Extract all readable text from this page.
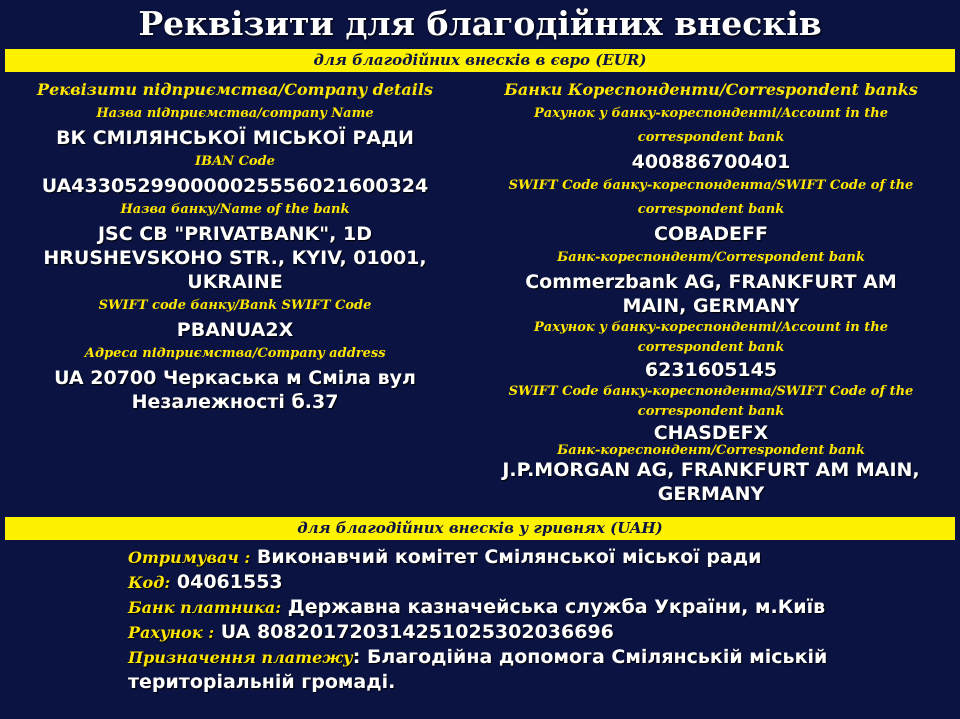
Реквізити для благодійних внесків
для благодійних внесків в євро (EUR)
Реквізити підприємства/Company details
Назва підприємства/company Name
ВК СМІЛЯНСЬКОЇ МІСЬКОЇ РАДИ
IBAN Code
UA433052990000025556021600324
Назва банку/Name of the bank
JSC CB "PRIVATBANK", 1D HRUSHEVSKOHO STR., KYIV, 01001, UKRAINE
SWIFT code банку/Bank SWIFT Code
PBANUA2X
Адреса підприємства/Company address
UA 20700 Черкаська м Сміла вул Незалежності б.37
Банки Кореспонденти/Correspondent banks
Рахунок у банку-кореспонденті/Account in the correspondent bank
400886700401
SWIFT Code банку-кореспондента/SWIFT Code of the correspondent bank
COBADEFF
Банк-кореспондент/Correspondent bank
Commerzbank AG, FRANKFURT AM MAIN, GERMANY
Рахунок у банку-кореспонденті/Account in the correspondent bank
6231605145
SWIFT Code банку-кореспондента/SWIFT Code of the correspondent bank
CHASDEFX
Банк-кореспондент/Correspondent bank
J.P.MORGAN AG, FRANKFURT AM MAIN, GERMANY
для благодійних внесків у гривнях (UAH)
Отримувач : Виконавчий комітет Смілянської міської ради
Код: 04061553
Банк платника: Державна казначейська служба України, м.Київ
Рахунок : UA 808201720314251025302036696
Призначення платежу: Благодійна допомога Смілянській міській територіальній громаді.
